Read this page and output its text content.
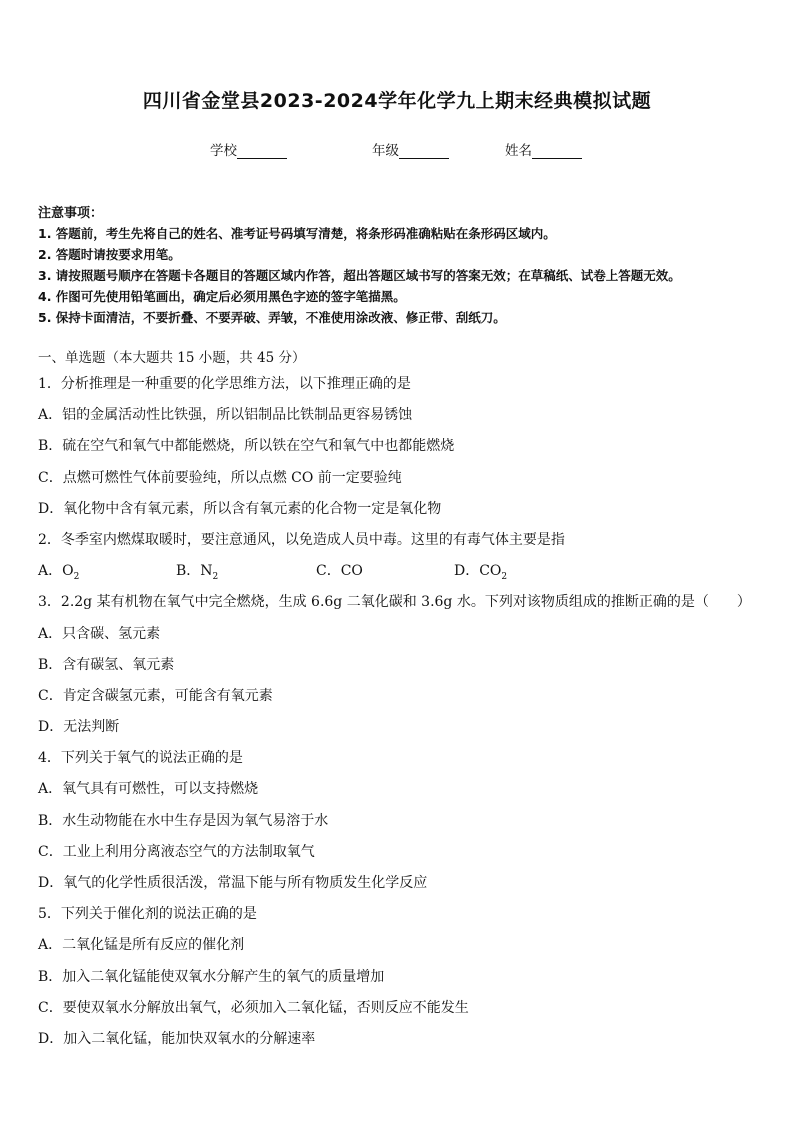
四川省金堂县2023-2024学年化学九上期末经典模拟试题
学校	年级	姓名
注意事项：
1. 答题前，考生先将自己的姓名、准考证号码填写清楚，将条形码准确粘贴在条形码区域内。
2. 答题时请按要求用笔。
3. 请按照题号顺序在答题卡各题目的答题区域内作答，超出答题区域书写的答案无效；在草稿纸、试卷上答题无效。
4. 作图可先使用铅笔画出，确定后必须用黑色字迹的签字笔描黑。
5. 保持卡面清洁，不要折叠、不要弄破、弄皱，不准使用涂改液、修正带、刮纸刀。
一、单选题（本大题共 15 小题，共 45 分）
1．分析推理是一种重要的化学思维方法，以下推理正确的是
A．铝的金属活动性比铁强，所以铝制品比铁制品更容易锈蚀
B．硫在空气和氧气中都能燃烧，所以铁在空气和氧气中也都能燃烧
C．点燃可燃性气体前要验纯，所以点燃 CO 前一定要验纯
D．氧化物中含有氧元素，所以含有氧元素的化合物一定是氧化物
2．冬季室内燃煤取暖时，要注意通风，以免造成人员中毒。这里的有毒气体主要是指
A．$O_2$	B．$N_2$	C．CO	D．$CO_2$
3．2.2g 某有机物在氧气中完全燃烧，生成 6.6g 二氧化碳和 3.6g 水。下列对该物质组成的推断正确的是（　　）
A．只含碳、氢元素
B．含有碳氢、氧元素
C．肯定含碳氢元素，可能含有氧元素
D．无法判断
4．下列关于氧气的说法正确的是
A．氧气具有可燃性，可以支持燃烧
B．水生动物能在水中生存是因为氧气易溶于水
C．工业上利用分离液态空气的方法制取氧气
D．氧气的化学性质很活泼，常温下能与所有物质发生化学反应
5．下列关于催化剂的说法正确的是
A．二氧化锰是所有反应的催化剂
B．加入二氧化锰能使双氧水分解产生的氧气的质量增加
C．要使双氧水分解放出氧气，必须加入二氧化锰，否则反应不能发生
D．加入二氧化锰，能加快双氧水的分解速率
